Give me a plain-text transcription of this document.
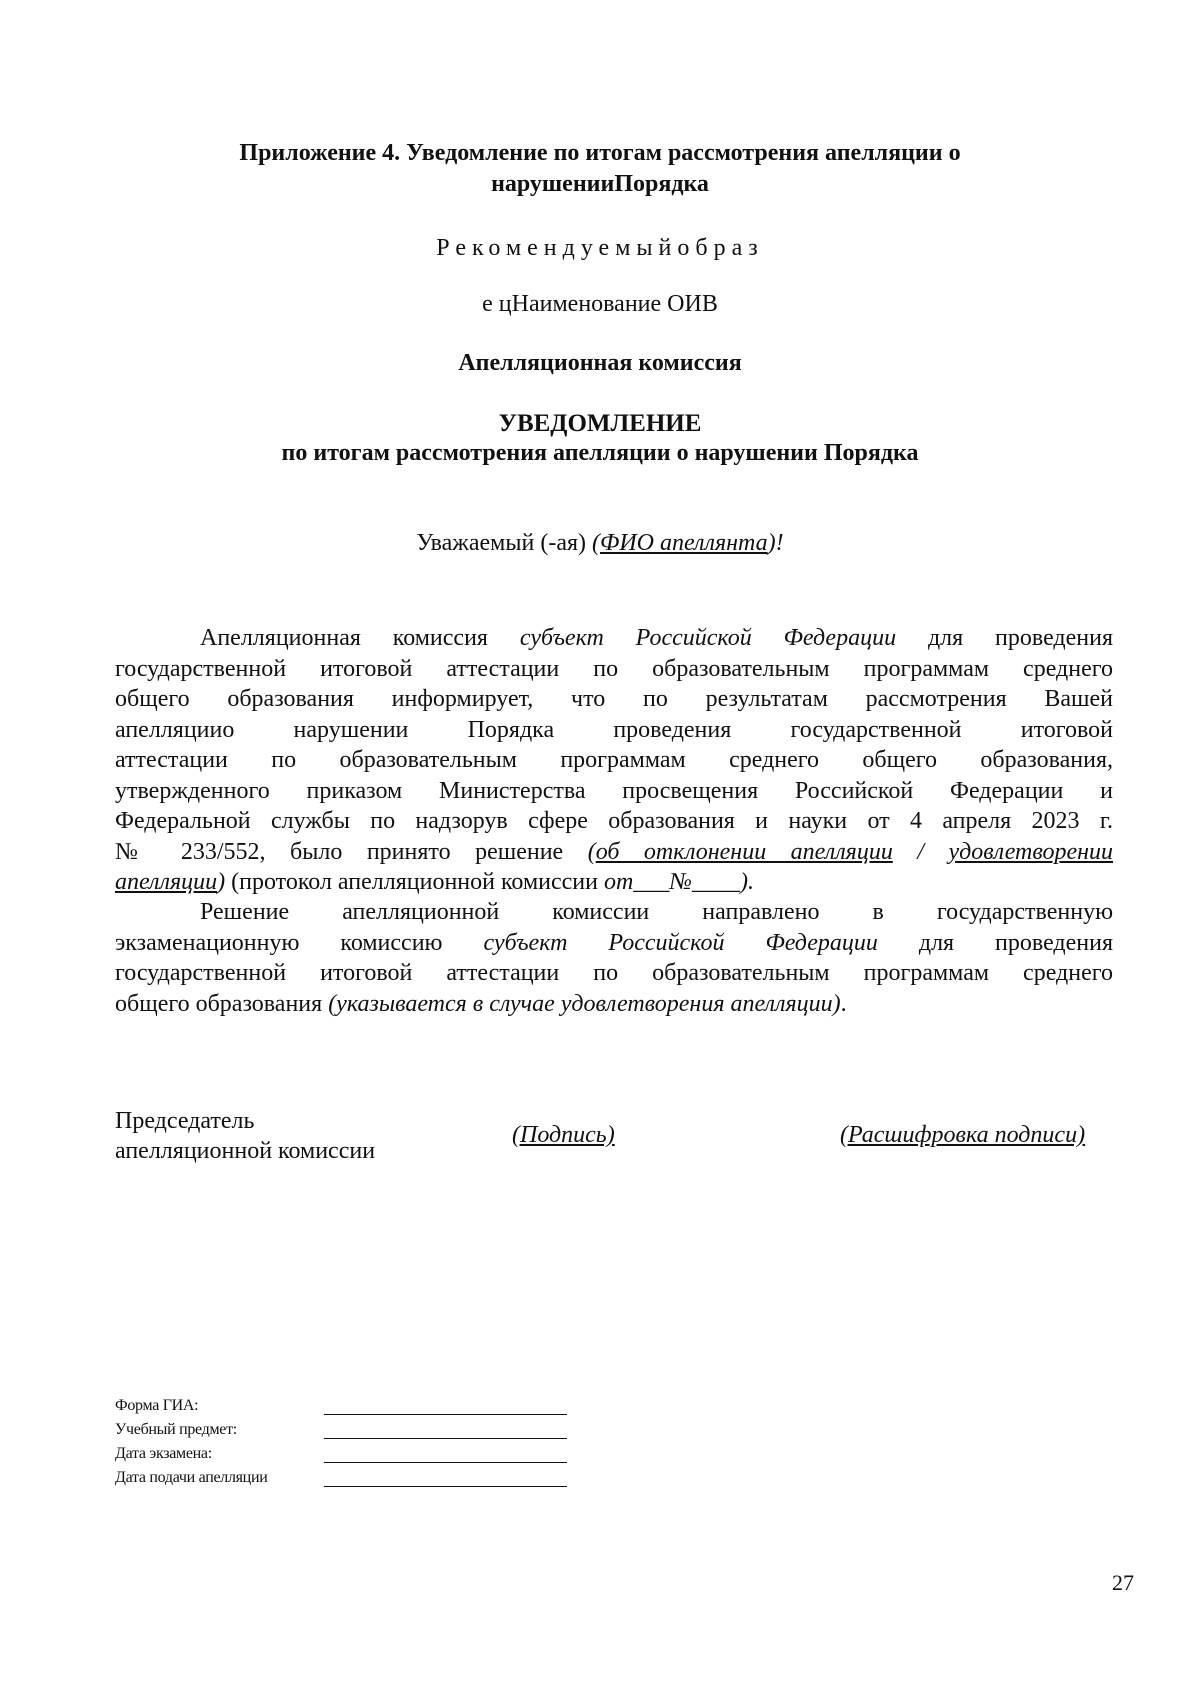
Приложение 4. Уведомление по итогам рассмотрения апелляции о
нарушенииПорядка
Рекомендуемыйобраз
е цНаименование ОИВ
Апелляционная комиссия
УВЕДОМЛЕНИЕ
по итогам рассмотрения апелляции о нарушении Порядка
Уважаемый (-ая) (ФИО апеллянта)!

Апелляционная комиссия субъект Российской Федерации для проведения

государственной итоговой аттестации по образовательным программам среднего

общего образования информирует, что по результатам рассмотрения Вашей

апелляциио нарушении Порядка проведения государственной итоговой

аттестации по образовательным программам среднего общего образования,

утвержденного приказом Министерства просвещения Российской Федерации и

Федеральной службы по надзорув сфере образования и науки от 4 апреля 2023 г.

№ 233/552, было принято решение (об отклонении апелляции / удовлетворении

апелляции) (протокол апелляционной комиссии от___№____).

Решение апелляционной комиссии направлено в государственную

экзаменационную комиссию субъект Российской Федерации для проведения

государственной итоговой аттестации по образовательным программам среднего

общего образования (указывается в случае удовлетворения апелляции).

Председатель
апелляционной комиссии
(Подпись)	(Расшифровка подписи)
Форма ГИА:
Учебный предмет:
Дата экзамена:
Дата подачи апелляции
27
